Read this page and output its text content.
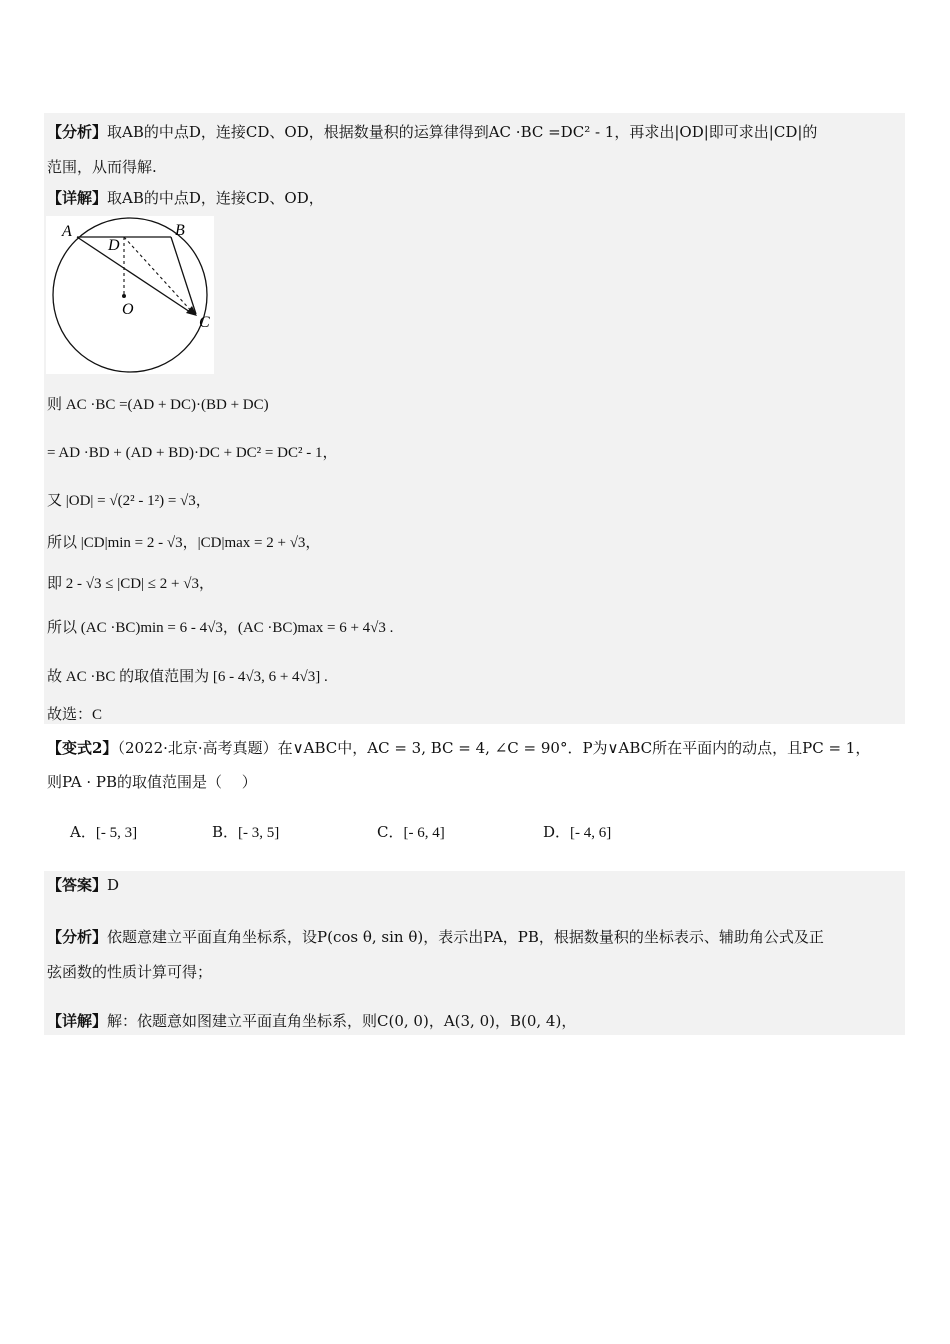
【分析】取AB的中点D，连接CD、OD，根据数量积的运算律得到AC ·BC =DC² - 1，再求出|OD|即可求出|CD|的
范围，从而得解.
【详解】取AB的中点D，连接CD、OD，
A	B
D
O
C
则 AC ·BC =(AD + DC)·(BD + DC)
= AD ·BD + (AD + BD)·DC + DC² = DC² - 1，
又 |OD| = √(2² - 1²) = √3，
所以 |CD|min = 2 - √3，|CD|max = 2 + √3，
即 2 - √3 ≤ |CD| ≤ 2 + √3，
所以 (AC ·BC)min = 6 - 4√3，(AC ·BC)max = 6 + 4√3 .
故 AC ·BC 的取值范围为 [6 - 4√3, 6 + 4√3] .
故选：C
【变式2】（2022·北京·高考真题）在∨ABC中，AC = 3, BC = 4, ∠C = 90°．P为∨ABC所在平面内的动点，且PC = 1，
则PA · PB的取值范围是（　 ）
A．[- 5, 3]	B．[- 3, 5]	C．[- 6, 4]	D．[- 4, 6]
【答案】D
【分析】依题意建立平面直角坐标系，设P(cos θ, sin θ)，表示出PA，PB，根据数量积的坐标表示、辅助角公式及正
弦函数的性质计算可得；
【详解】解：依题意如图建立平面直角坐标系，则C(0, 0)，A(3, 0)，B(0, 4)，
